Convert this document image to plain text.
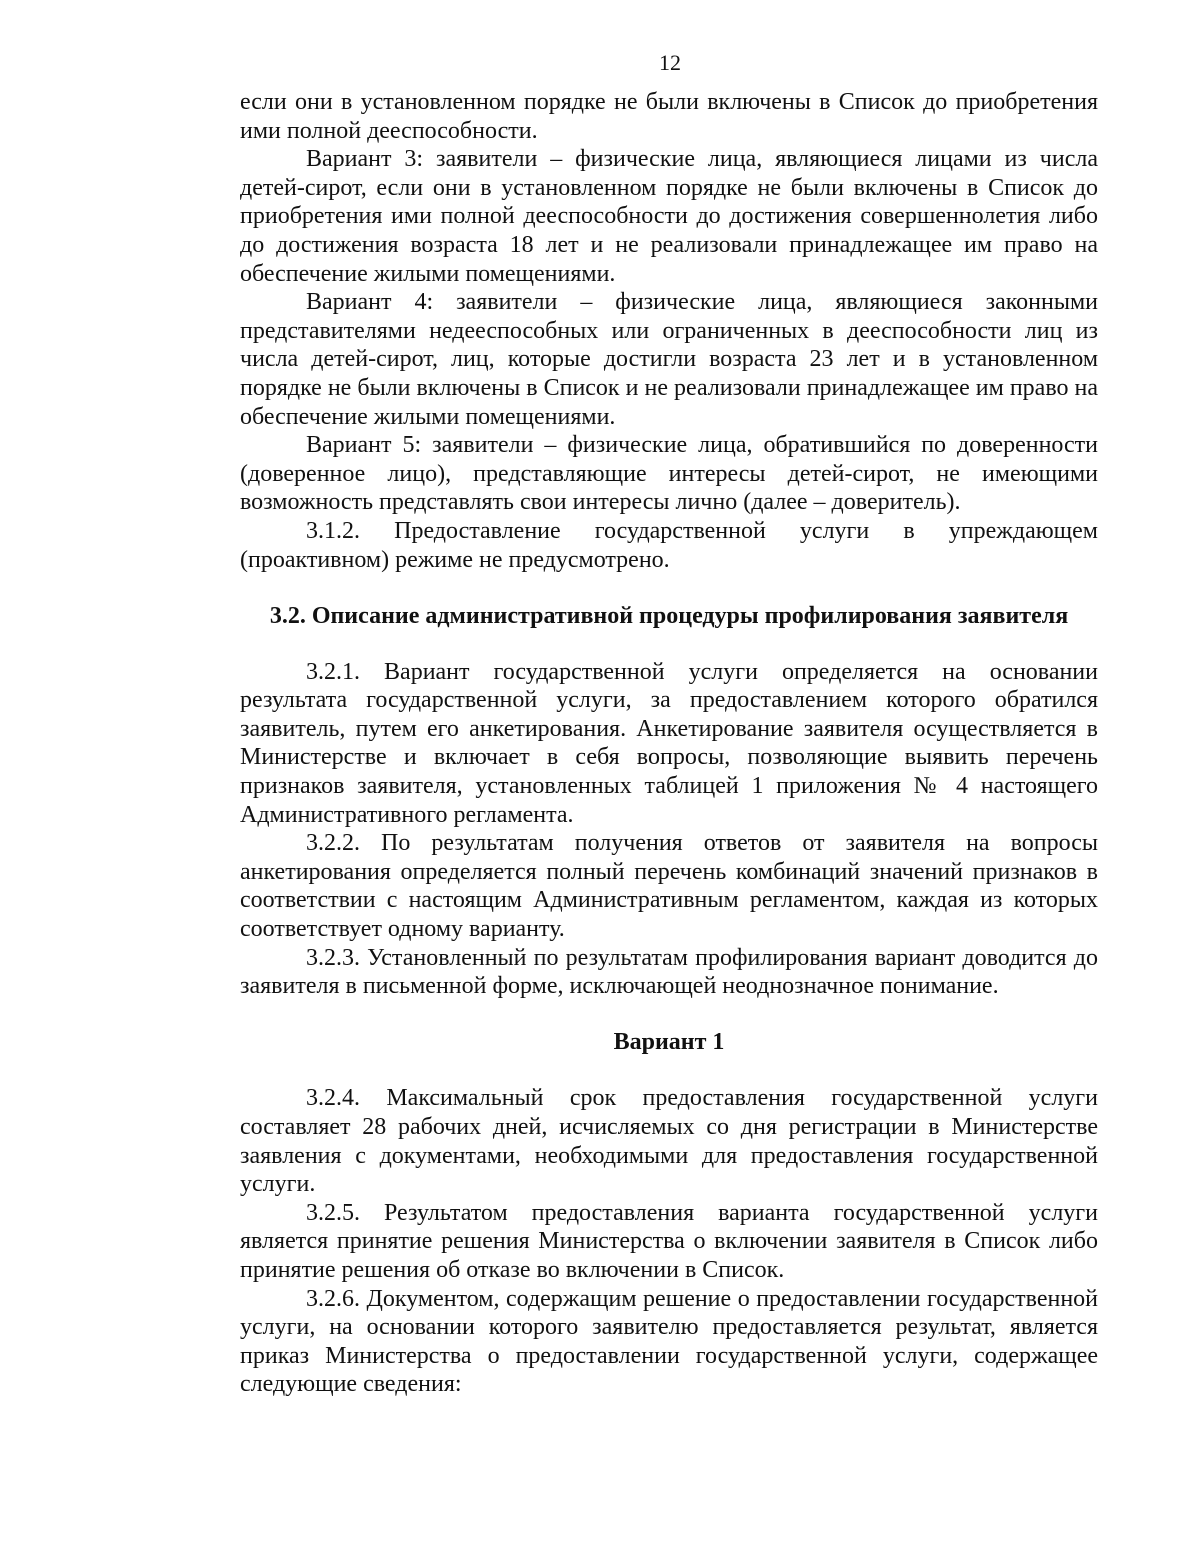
12

если они в установленном порядке не были включены в Список до приобретения ими полной дееспособности.

Вариант 3: заявители – физические лица, являющиеся лицами из числа детей-сирот, если они в установленном порядке не были включены в Список до приобретения ими полной дееспособности до достижения совершеннолетия либо до достижения возраста 18 лет и не реализовали принадлежащее им право на обеспечение жилыми помещениями.

Вариант 4: заявители – физические лица, являющиеся законными представителями недееспособных или ограниченных в дееспособности лиц из числа детей-сирот, лиц, которые достигли возраста 23 лет и в установленном порядке не были включены в Список и не реализовали принадлежащее им право на обеспечение жилыми помещениями.

Вариант 5: заявители – физические лица, обратившийся по доверенности (доверенное лицо), представляющие интересы детей-сирот, не имеющими возможность представлять свои интересы лично (далее – доверитель).

3.1.2. Предоставление государственной услуги в упреждающем (проактивном) режиме не предусмотрено.

3.2. Описание административной процедуры профилирования заявителя

3.2.1. Вариант государственной услуги определяется на основании результата государственной услуги, за предоставлением которого обратился заявитель, путем его анкетирования. Анкетирование заявителя осуществляется в Министерстве и включает в себя вопросы, позволяющие выявить перечень признаков заявителя, установленных таблицей 1 приложения № 4 настоящего Административного регламента.

3.2.2. По результатам получения ответов от заявителя на вопросы анкетирования определяется полный перечень комбинаций значений признаков в соответствии с настоящим Административным регламентом, каждая из которых соответствует одному варианту.

3.2.3. Установленный по результатам профилирования вариант доводится до заявителя в письменной форме, исключающей неоднозначное понимание.

Вариант 1

3.2.4. Максимальный срок предоставления государственной услуги составляет 28 рабочих дней, исчисляемых со дня регистрации в Министерстве заявления с документами, необходимыми для предоставления государственной услуги.

3.2.5. Результатом предоставления варианта государственной услуги является принятие решения Министерства о включении заявителя в Список либо принятие решения об отказе во включении в Список.

3.2.6. Документом, содержащим решение о предоставлении государственной услуги, на основании которого заявителю предоставляется результат, является приказ Министерства о предоставлении государственной услуги, содержащее следующие сведения:
